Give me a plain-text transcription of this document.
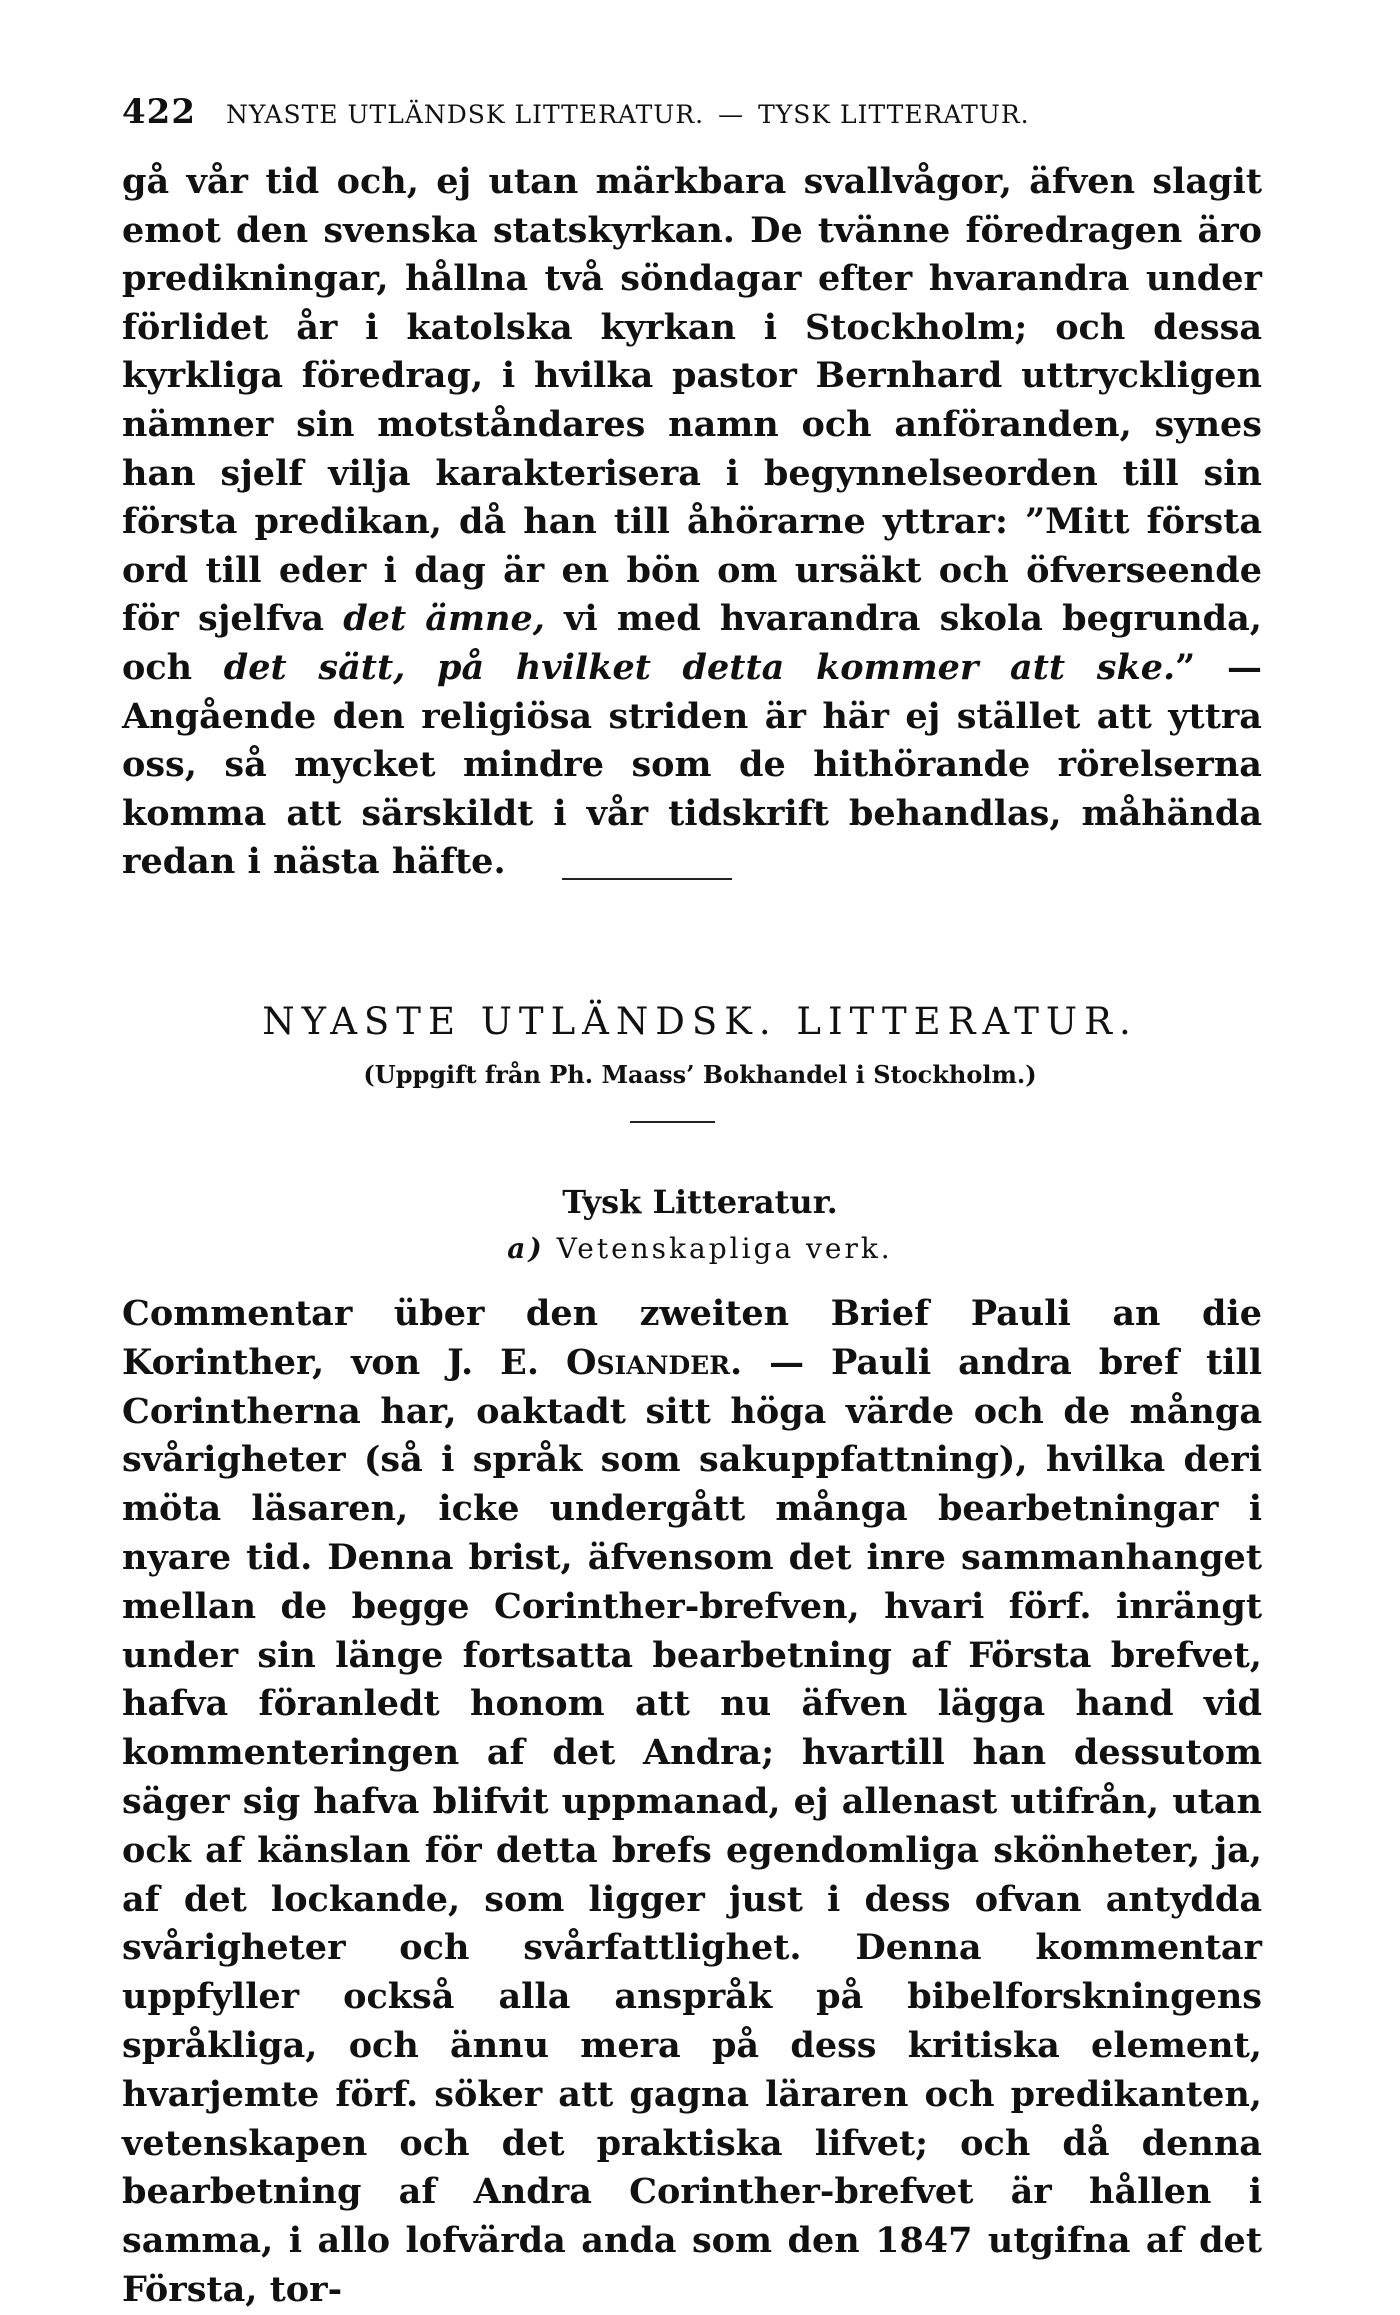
422 NYASTE UTLÄNDSK LITTERATUR. — TYSK LITTERATUR.
gå vår tid och, ej utan märkbara svallvågor, äfven slagit emot den svenska statskyrkan. De tvänne föredragen äro predikningar, hållna två söndagar efter hvarandra under förlidet år i katolska kyrkan i Stockholm; och dessa kyrkliga föredrag, i hvilka pastor Bernhard uttryckligen nämner sin motståndares namn och anföranden, synes han sjelf vilja karakterisera i begynnelseorden till sin första predikan, då han till åhörarne yttrar: ”Mitt första ord till eder i dag är en bön om ursäkt och öfverseende för sjelfva det ämne, vi med hvarandra skola begrunda, och det sätt, på hvilket detta kommer att ske.” — Angående den religiösa striden är här ej stället att yttra oss, så mycket mindre som de hithörande rörelserna komma att särskildt i vår tidskrift behandlas, måhända redan i nästa häfte.
NYASTE UTLÄNDSK. LITTERATUR.
(Uppgift från Ph. Maass’ Bokhandel i Stockholm.)
Tysk Litteratur.
a) Vetenskapliga verk.
Commentar über den zweiten Brief Pauli an die Korinther, von J. E. Osiander. — Pauli andra bref till Corintherna har, oaktadt sitt höga värde och de många svårigheter (så i språk som sakuppfattning), hvilka deri möta läsaren, icke undergått många bearbetningar i nyare tid. Denna brist, äfvensom det inre sammanhanget mellan de begge Corinther-brefven, hvari förf. inrängt under sin länge fortsatta bearbetning af Första brefvet, hafva föranledt honom att nu äfven lägga hand vid kommenteringen af det Andra; hvartill han dessutom säger sig hafva blifvit uppmanad, ej allenast utifrån, utan ock af känslan för detta brefs egendomliga skönheter, ja, af det lockande, som ligger just i dess ofvan antydda svårigheter och svårfattlighet. Denna kommentar uppfyller också alla anspråk på bibelforskningens språkliga, och ännu mera på dess kritiska element, hvarjemte förf. söker att gagna läraren och predikanten, vetenskapen och det praktiska lifvet; och då denna bearbetning af Andra Corinther-brefvet är hållen i samma, i allo lofvärda anda som den 1847 utgifna af det Första, tor-
